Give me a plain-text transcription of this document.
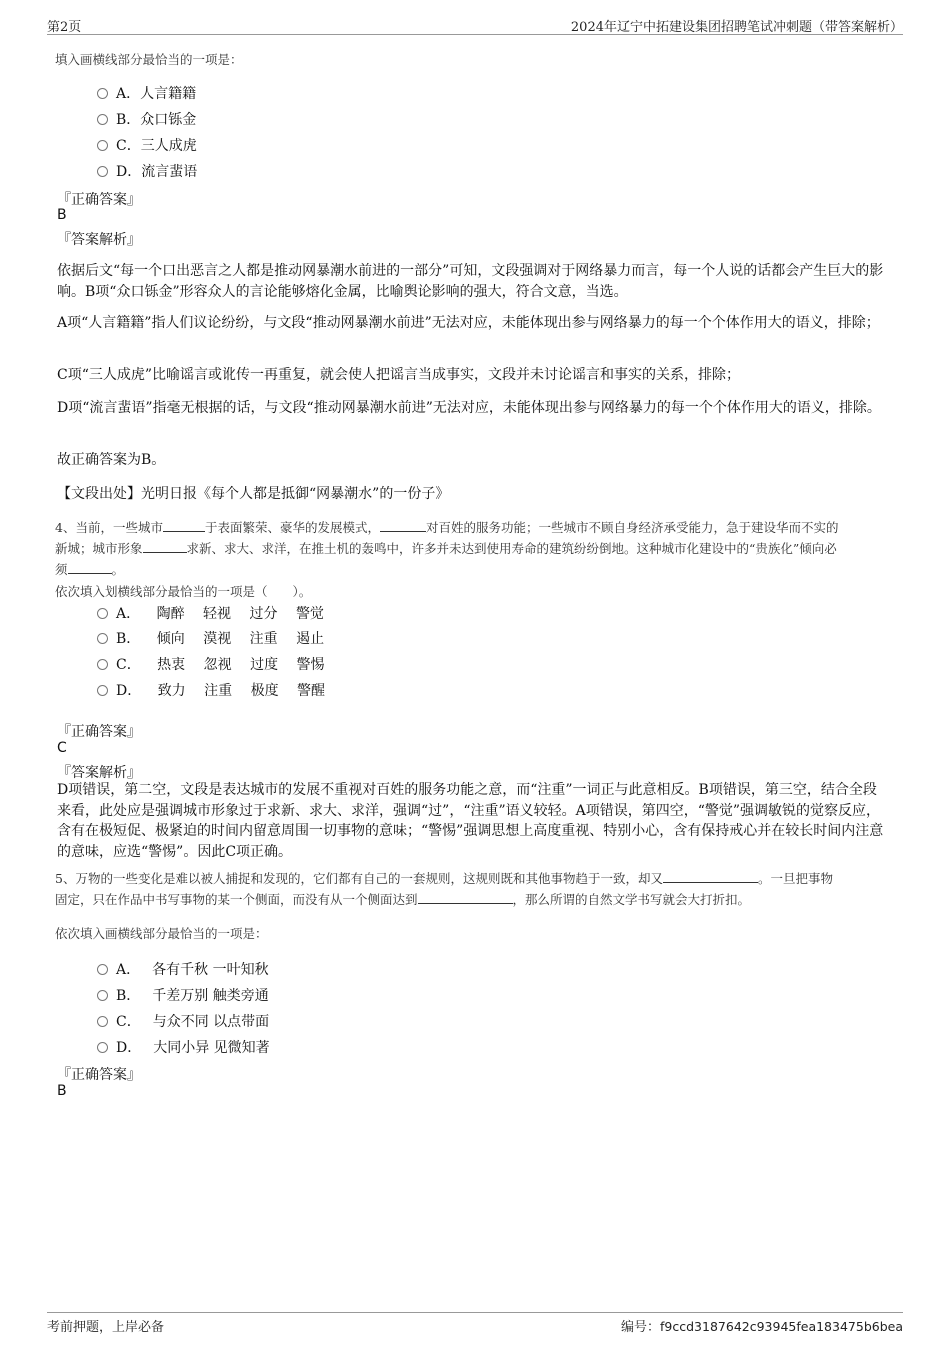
第2页	2024年辽宁中拓建设集团招聘笔试冲刺题（带答案解析）
填入画横线部分最恰当的一项是：
A．人言籍籍
B．众口铄金
C．三人成虎
D．流言蜚语
『正确答案』
B
『答案解析』
依据后文“每一个口出恶言之人都是推动网暴潮水前进的一部分”可知，文段强调对于网络暴力而言，每一个人说的话都会产生巨大的影响。B项“众口铄金”形容众人的言论能够熔化金属，比喻舆论影响的强大，符合文意，当选。
A项“人言籍籍”指人们议论纷纷，与文段“推动网暴潮水前进”无法对应，未能体现出参与网络暴力的每一个个体作用大的语义，排除；
C项“三人成虎”比喻谣言或讹传一再重复，就会使人把谣言当成事实，文段并未讨论谣言和事实的关系，排除；
D项“流言蜚语”指毫无根据的话，与文段“推动网暴潮水前进”无法对应，未能体现出参与网络暴力的每一个个体作用大的语义，排除。
故正确答案为B。
【文段出处】光明日报《每个人都是抵御“网暴潮水”的一份子》
4、当前，一些城市	于表面繁荣、豪华的发展模式，	对百姓的服务功能；一些城市不顾自身经济承受能力，急于建设华而不实的
新城；城市形象	求新、求大、求洋，在推土机的轰鸣中，许多并未达到使用寿命的建筑纷纷倒地。这种城市化建设中的“贵族化”倾向必
须	。
依次填入划横线部分最恰当的一项是（　　）。
A． 陶醉 轻视 过分 警觉
B． 倾向 漠视 注重 遏止
C． 热衷 忽视 过度 警惕
D． 致力 注重 极度 警醒
『正确答案』
C
『答案解析』
D项错误，第二空，文段是表达城市的发展不重视对百姓的服务功能之意，而“注重”一词正与此意相反。B项错误，第三空，结合全段来看，此处应是强调城市形象过于求新、求大、求洋，强调“过”，“注重”语义较轻。A项错误，第四空，“警觉”强调敏锐的觉察反应，含有在极短促、极紧迫的时间内留意周围一切事物的意味；“警惕”强调思想上高度重视、特别小心，含有保持戒心并在较长时间内注意的意味，应选“警惕”。因此C项正确。
5、万物的一些变化是难以被人捕捉和发现的，它们都有自己的一套规则，这规则既和其他事物趋于一致，却又	。一旦把事物
固定，只在作品中书写事物的某一个侧面，而没有从一个侧面达到	，那么所谓的自然文学书写就会大打折扣。
依次填入画横线部分最恰当的一项是：
A． 各有千秋 一叶知秋
B． 千差万别 触类旁通
C． 与众不同 以点带面
D． 大同小异 见微知著
『正确答案』
B
考前押题，上岸必备	编号：f9ccd3187642c93945fea183475b6bea
